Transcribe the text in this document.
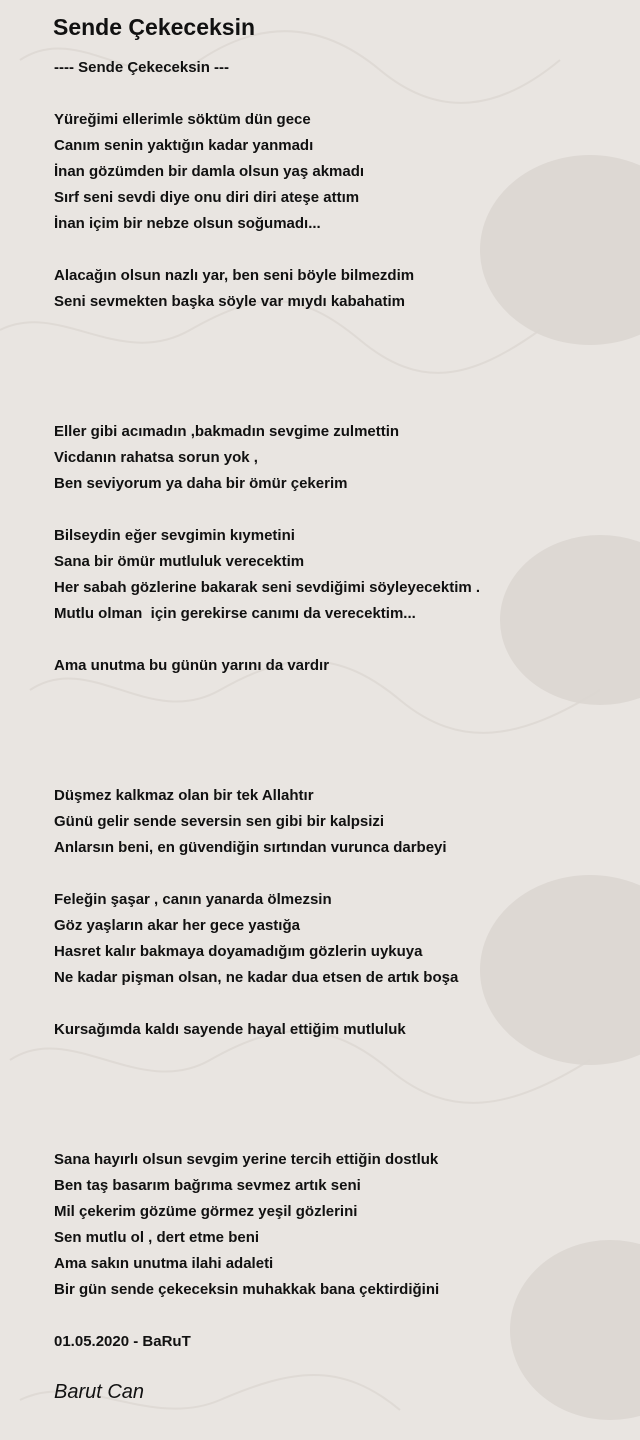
Sende Çekeceksin
---- Sende Çekeceksin ---
Yüreğimi ellerimle söktüm dün gece
Canım senin yaktığın kadar yanmadı
İnan gözümden bir damla olsun yaş akmadı
Sırf seni sevdi diye onu diri diri ateşe attım
İnan içim bir nebze olsun soğumadı...
Alacağın olsun nazlı yar, ben seni böyle bilmezdim
Seni sevmekten başka söyle var mıydı kabahatim
Eller gibi acımadın ,bakmadın sevgime zulmettin
Vicdanın rahatsa sorun yok ,
Ben seviyorum ya daha bir ömür çekerim
Bilseydin eğer sevgimin kıymetini
Sana bir ömür mutluluk verecektim
Her sabah gözlerine bakarak seni sevdiğimi söyleyecektim .
Mutlu olman  için gerekirse canımı da verecektim...
Ama unutma bu günün yarını da vardır
Düşmez kalkmaz olan bir tek Allahtır
Günü gelir sende seversin sen gibi bir kalpsizi
Anlarsın beni, en güvendiğin sırtından vurunca darbeyi
Feleğin şaşar , canın yanarda ölmezsin
Göz yaşların akar her gece yastığa
Hasret kalır bakmaya doyamadığım gözlerin uykuya
Ne kadar pişman olsan, ne kadar dua etsen de artık boşa
Kursağımda kaldı sayende hayal ettiğim mutluluk
Sana hayırlı olsun sevgim yerine tercih ettiğin dostluk
Ben taş basarım bağrıma sevmez artık seni
Mil çekerim gözüme görmez yeşil gözlerini
Sen mutlu ol , dert etme beni
Ama sakın unutma ilahi adaleti
Bir gün sende çekeceksin muhakkak bana çektirdiğini
01.05.2020 - BaRuT
Barut Can
